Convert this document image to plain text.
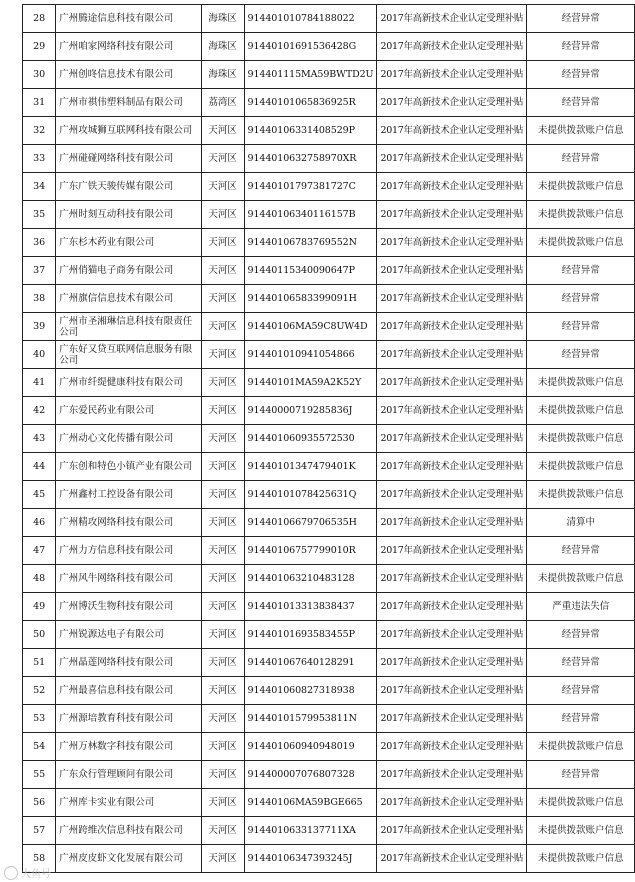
28	广州腾途信息科技有限公司	海珠区	914401010784188022	2017年高新技术企业认定受理补贴	经营异常
29	广州咱家网络科技有限公司	海珠区	91440101691536428G	2017年高新技术企业认定受理补贴	经营异常
30	广州创咚信息技术有限公司	海珠区	914401115MA59BWTD2U	2017年高新技术企业认定受理补贴	经营异常
31	广州市祺伟塑料制品有限公司	荔湾区	91440101065836925R	2017年高新技术企业认定受理补贴	经营异常
32	广州攻城狮互联网科技有限公司	天河区	91440106331408529P	2017年高新技术企业认定受理补贴	未提供拨款账户信息
33	广州碰碰网络科技有限公司	天河区	91440106327589​70XR	2017年高新技术企业认定受理补贴	经营异常
34	广东广铁天骏传媒有限公司	天河区	91440101797381727C	2017年高新技术企业认定受理补贴	未提供拨款账户信息
35	广州时刻互动科技有限公司	天河区	91440106340116157B	2017年高新技术企业认定受理补贴	未提供拨款账户信息
36	广东杉木药业有限公司	天河区	91440106783769552N	2017年高新技术企业认定受理补贴	未提供拨款账户信息
37	广州俏猫电子商务有限公司	天河区	91440115340090647P	2017年高新技术企业认定受理补贴	经营异常
38	广州旗信信息技术有限公司	天河区	91440106583399091H	2017年高新技术企业认定受理补贴	经营异常
39	广州市圣湘琳信息科技有限责任公司	天河区	91440106MA59C8UW4D	2017年高新技术企业认定受理补贴	经营异常
40	广东好又贷互联网信息服务有限公司	天河区	914401010941054866	2017年高新技术企业认定受理补贴	经营异常
41	广州市纤缇健康科技有限公司	天河区	91440101MA59A2K52Y	2017年高新技术企业认定受理补贴	未提供拨款账户信息
42	广东爱民药业有限公司	天河区	91440000719285836J	2017年高新技术企业认定受理补贴	未提供拨款账户信息
43	广州动心文化传播有限公司	天河区	914401060935572530	2017年高新技术企业认定受理补贴	未提供拨款账户信息
44	广东创和特色小镇产业有限公司	天河区	91440101347479401K	2017年高新技术企业认定受理补贴	未提供拨款账户信息
45	广州鑫村工控设备有限公司	天河区	91440101078425631Q	2017年高新技术企业认定受理补贴	未提供拨款账户信息
46	广州精攻网络科技有限公司	天河区	91440106679706535H	2017年高新技术企业认定受理补贴	清算中
47	广州力方信息科技有限公司	天河区	91440106757799010R	2017年高新技术企业认定受理补贴	经营异常
48	广州风牛网络科技有限公司	天河区	914401063210483128	2017年高新技术企业认定受理补贴	未提供拨款账户信息
49	广州博沃生物科技有限公司	天河区	914401013313838437	2017年高新技术企业认定受理补贴	严重违法失信
50	广州锐源达电子有限公司	天河区	91440101693583455P	2017年高新技术企业认定受理补贴	经营异常
51	广州晶莲网络科技有限公司	天河区	914401067640128291	2017年高新技术企业认定受理补贴	经营异常
52	广州最喜信息科技有限公司	天河区	914401060827318938	2017年高新技术企业认定受理补贴	经营异常
53	广州源培教育科技有限公司	天河区	91440101579953811N	2017年高新技术企业认定受理补贴	经营异常
54	广州万林数字科技有限公司	天河区	914401060940948019	2017年高新技术企业认定受理补贴	未提供拨款账户信息
55	广东众行管理顾问有限公司	天河区	914400007076807328	2017年高新技术企业认定受理补贴	经营异常
56	广州库卡实业有限公司	天河区	91440106MA59BGE665	2017年高新技术企业认定受理补贴	未提供拨款账户信息
57	广州跨维次信息科技有限公司	天河区	91440106331377​11XA	2017年高新技术企业认定受理补贴	未提供拨款账户信息
58	广州皮皮虾文化发展有限公司	天河区	91440106347393245J	2017年高新技术企业认定受理补贴	未提供拨款账户信息
大鱼号
